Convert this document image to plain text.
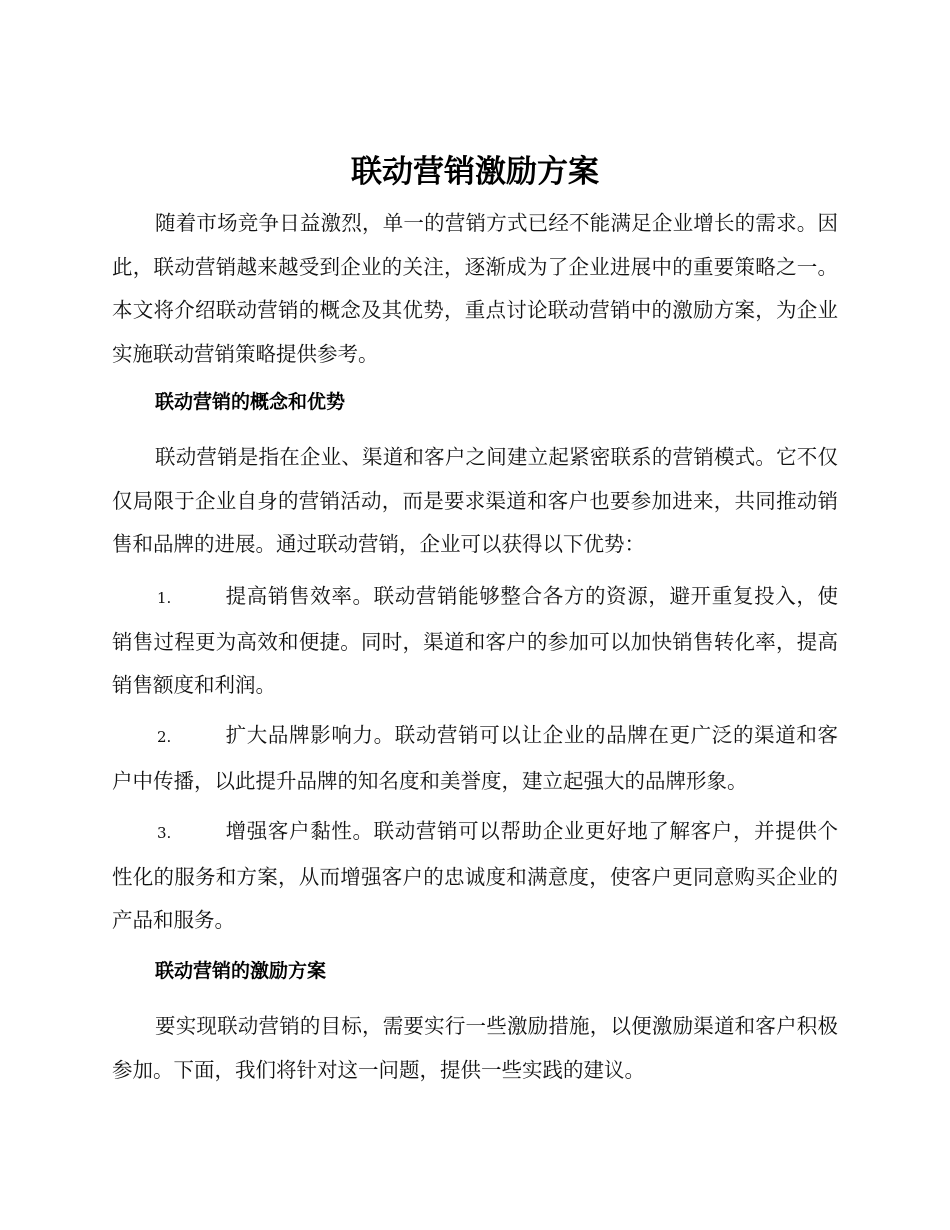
联动营销激励方案

随着市场竞争日益激烈，单一的营销方式已经不能满足企业增长的需求。因此，联动营销越来越受到企业的关注，逐渐成为了企业进展中的重要策略之一。本文将介绍联动营销的概念及其优势，重点讨论联动营销中的激励方案，为企业实施联动营销策略提供参考。

联动营销的概念和优势

联动营销是指在企业、渠道和客户之间建立起紧密联系的营销模式。它不仅仅局限于企业自身的营销活动，而是要求渠道和客户也要参加进来，共同推动销售和品牌的进展。通过联动营销，企业可以获得以下优势：

1.	提高销售效率。联动营销能够整合各方的资源，避开重复投入，使销售过程更为高效和便捷。同时，渠道和客户的参加可以加快销售转化率，提高销售额度和利润。

2.	扩大品牌影响力。联动营销可以让企业的品牌在更广泛的渠道和客户中传播，以此提升品牌的知名度和美誉度，建立起强大的品牌形象。

3.	增强客户黏性。联动营销可以帮助企业更好地了解客户，并提供个性化的服务和方案，从而增强客户的忠诚度和满意度，使客户更同意购买企业的产品和服务。

联动营销的激励方案

要实现联动营销的目标，需要实行一些激励措施，以便激励渠道和客户积极参加。下面，我们将针对这一问题，提供一些实践的建议。
